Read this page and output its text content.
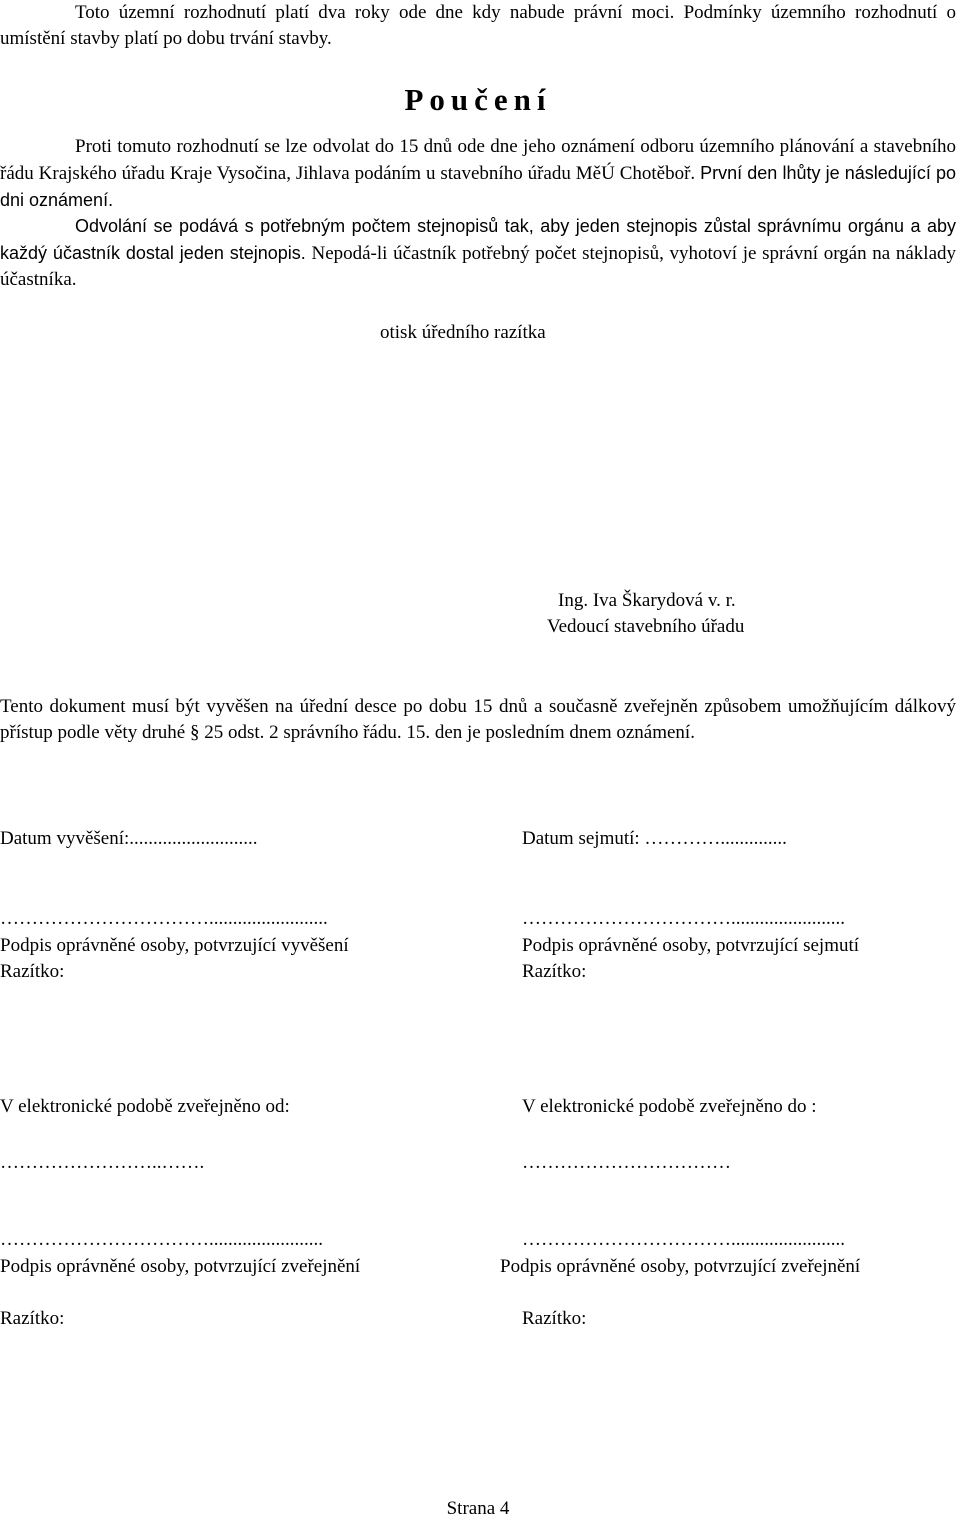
Toto územní rozhodnutí platí dva roky ode dne kdy nabude právní moci. Podmínky územního rozhodnutí o umístění stavby platí po dobu trvání stavby.

Poučení

Proti tomuto rozhodnutí se lze odvolat do 15 dnů ode dne jeho oznámení odboru územního plánování a stavebního řádu Krajského úřadu Kraje Vysočina, Jihlava podáním u stavebního úřadu MěÚ Chotěboř. První den lhůty je následující po dni oznámení.

Odvolání se podává s potřebným počtem stejnopisů tak, aby jeden stejnopis zůstal správnímu orgánu a aby každý účastník dostal jeden stejnopis. Nepodá-li účastník potřebný počet stejnopisů, vyhotoví je správní orgán na náklady účastníka.

otisk úředního razítka
Ing. Iva Škarydová v. r.
Vedoucí stavebního úřadu

Tento dokument musí být vyvěšen na úřední desce po dobu 15 dnů a současně zveřejněn způsobem umožňujícím dálkový přístup podle věty druhé § 25 odst. 2 správního řádu. 15. den je posledním dnem oznámení.

Datum vyvěšení:...........................	Datum sejmutí: …………..............
…………………………….........................	……………………………........................
Podpis oprávněné osoby, potvrzující vyvěšení	Podpis oprávněné osoby, potvrzující sejmutí
Razítko:	Razítko:
V elektronické podobě zveřejněno od:	V elektronické podobě zveřejněno do :
……………………..…….	……………………………
……………………………........................	……………………………........................
Podpis oprávněné osoby, potvrzující zveřejnění	Podpis oprávněné osoby, potvrzující zveřejnění
Razítko:	Razítko:
Strana 4
